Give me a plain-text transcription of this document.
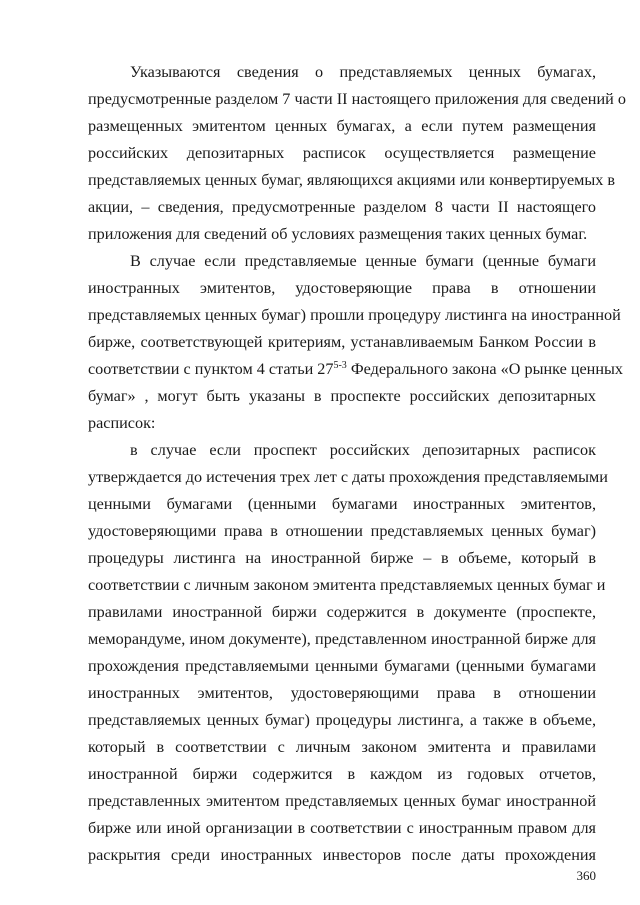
Указываются сведения о представляемых ценных бумагах,
предусмотренные разделом 7 части II настоящего приложения для сведений о
размещенных эмитентом ценных бумагах, а если путем размещения
российских депозитарных расписок осуществляется размещение
представляемых ценных бумаг, являющихся акциями или конвертируемых в
акции, – сведения, предусмотренные разделом 8 части II настоящего
приложения для сведений об условиях размещения таких ценных бумаг.
В случае если представляемые ценные бумаги (ценные бумаги
иностранных эмитентов, удостоверяющие права в отношении
представляемых ценных бумаг) прошли процедуру листинга на иностранной
бирже, соответствующей критериям, устанавливаемым Банком России в
соответствии с пунктом 4 статьи 27$^{5-3}$ Федерального закона «О рынке ценных
бумаг» , могут быть указаны в проспекте российских депозитарных
расписок:
в случае если проспект российских депозитарных расписок
утверждается до истечения трех лет с даты прохождения представляемыми
ценными бумагами (ценными бумагами иностранных эмитентов,
удостоверяющими права в отношении представляемых ценных бумаг)
процедуры листинга на иностранной бирже – в объеме, который в
соответствии с личным законом эмитента представляемых ценных бумаг и
правилами иностранной биржи содержится в документе (проспекте,
меморандуме, ином документе), представленном иностранной бирже для
прохождения представляемыми ценными бумагами (ценными бумагами
иностранных эмитентов, удостоверяющими права в отношении
представляемых ценных бумаг) процедуры листинга, а также в объеме,
который в соответствии с личным законом эмитента и правилами
иностранной биржи содержится в каждом из годовых отчетов,
представленных эмитентом представляемых ценных бумаг иностранной
бирже или иной организации в соответствии с иностранным правом для
раскрытия среди иностранных инвесторов после даты прохождения
360
